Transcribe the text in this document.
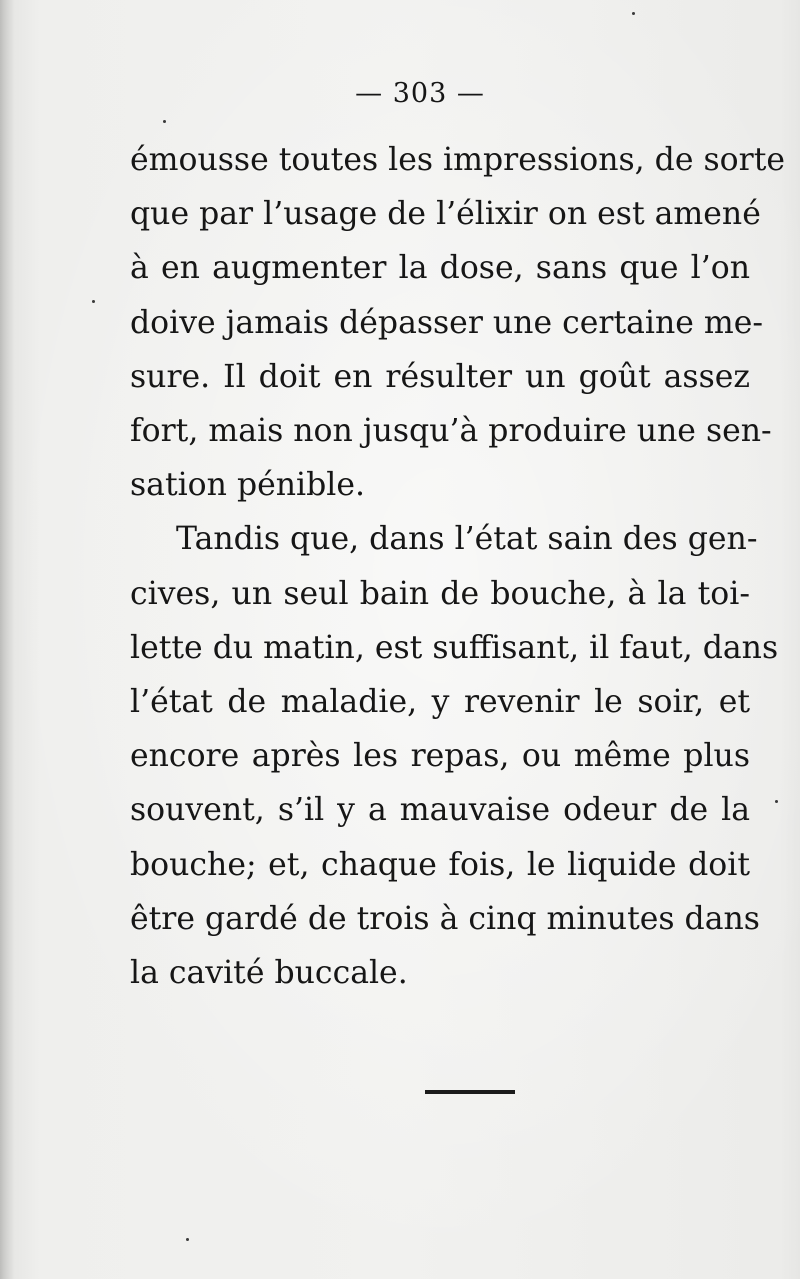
— 303 —

émousse toutes les impressions, de sorte
que par l’usage de l’élixir on est amené
à en augmenter la dose, sans que l’on
doive jamais dépasser une certaine me-
sure. Il doit en résulter un goût assez
fort, mais non jusqu’à produire une sen-
sation pénible.

Tandis que, dans l’état sain des gen-
cives, un seul bain de bouche, à la toi-
lette du matin, est suffisant, il faut, dans
l’état de maladie, y revenir le soir, et
encore après les repas, ou même plus
souvent, s’il y a mauvaise odeur de la
bouche; et, chaque fois, le liquide doit
être gardé de trois à cinq minutes dans
la cavité buccale.
